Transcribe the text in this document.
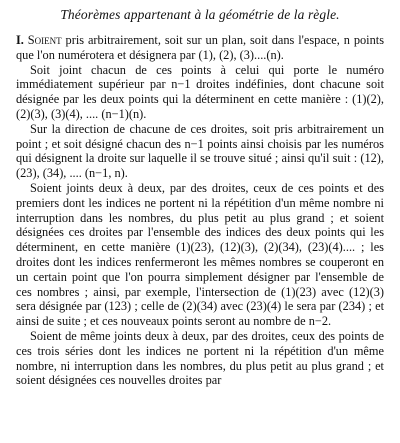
Théorèmes appartenant à la géométrie de la règle.

I. Soient pris arbitrairement, soit sur un plan, soit dans l'espace, n points que l'on numérotera et désignera par (1), (2), (3)....(n).

Soit joint chacun de ces points à celui qui porte le numéro immédiatement supérieur par n−1 droites indéfinies, dont chacune soit désignée par les deux points qui la déterminent en cette manière : (1)(2), (2)(3), (3)(4), .... (n−1)(n).

Sur la direction de chacune de ces droites, soit pris arbitrairement un point ; et soit désigné chacun des n−1 points ainsi choisis par les numéros qui désignent la droite sur laquelle il se trouve situé ; ainsi qu'il suit : (12), (23), (34), .... (n−1, n).

Soient joints deux à deux, par des droites, ceux de ces points et des premiers dont les indices ne portent ni la répétition d'un même nombre ni interruption dans les nombres, du plus petit au plus grand ; et soient désignées ces droites par l'ensemble des indices des deux points qui les déterminent, en cette manière (1)(23), (12)(3), (2)(34), (23)(4).... ; les droites dont les indices renfermeront les mêmes nombres se couperont en un certain point que l'on pourra simplement désigner par l'ensemble de ces nombres ; ainsi, par exemple, l'intersection de (1)(23) avec (12)(3) sera désignée par (123) ; celle de (2)(34) avec (23)(4) le sera par (234) ; et ainsi de suite ; et ces nouveaux points seront au nombre de n−2.

Soient de même joints deux à deux, par des droites, ceux des points de ces trois séries dont les indices ne portent ni la répétition d'un même nombre, ni interruption dans les nombres, du plus petit au plus grand ; et soient désignées ces nouvelles droites par
